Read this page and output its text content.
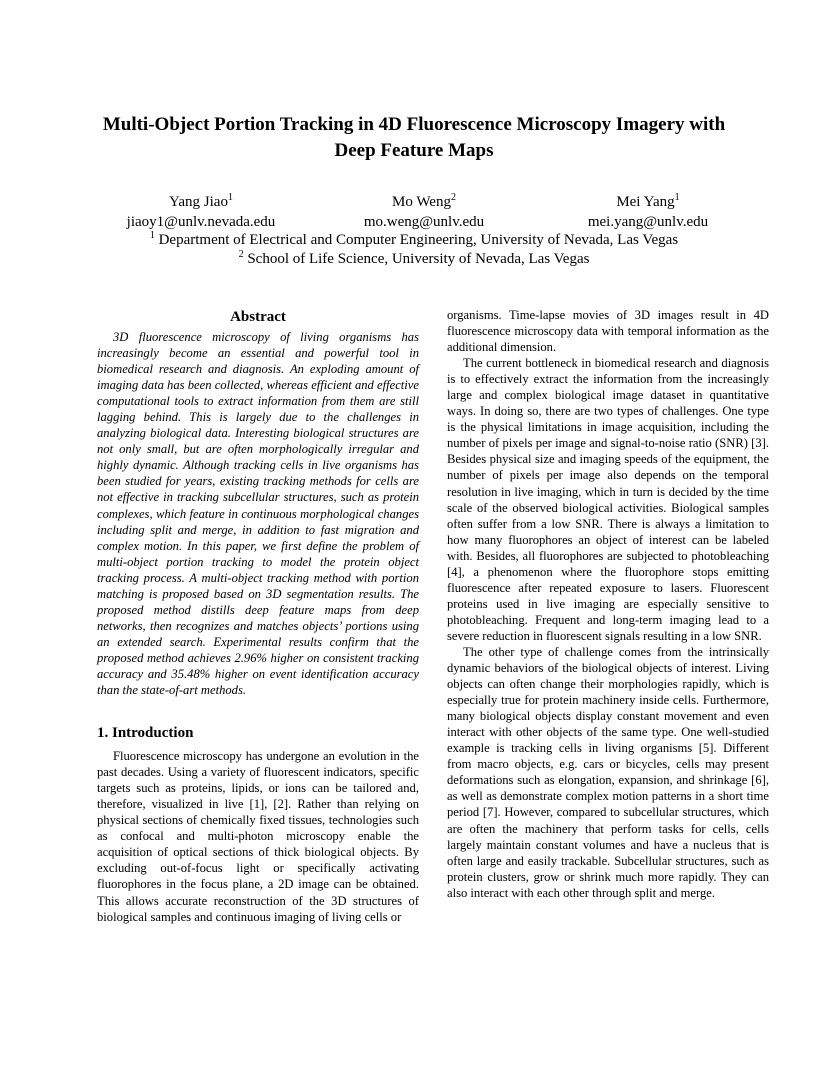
Multi-Object Portion Tracking in 4D Fluorescence Microscopy Imagery with Deep Feature Maps
Yang Jiao$^1$
jiaoy1@unlv.nevada.edu
Mo Weng$^2$
mo.weng@unlv.edu
Mei Yang$^1$
mei.yang@unlv.edu
$^1$ Department of Electrical and Computer Engineering, University of Nevada, Las Vegas
$^2$ School of Life Science, University of Nevada, Las Vegas
Abstract

3D fluorescence microscopy of living organisms has increasingly become an essential and powerful tool in biomedical research and diagnosis. An exploding amount of imaging data has been collected, whereas efficient and effective computational tools to extract information from them are still lagging behind. This is largely due to the challenges in analyzing biological data. Interesting biological structures are not only small, but are often morphologically irregular and highly dynamic. Although tracking cells in live organisms has been studied for years, existing tracking methods for cells are not effective in tracking subcellular structures, such as protein complexes, which feature in continuous morphological changes including split and merge, in addition to fast migration and complex motion. In this paper, we first define the problem of multi-object portion tracking to model the protein object tracking process. A multi-object tracking method with portion matching is proposed based on 3D segmentation results. The proposed method distills deep feature maps from deep networks, then recognizes and matches objects’ portions using an extended search. Experimental results confirm that the proposed method achieves 2.96% higher on consistent tracking accuracy and 35.48% higher on event identification accuracy than the state-of-art methods.

1. Introduction

Fluorescence microscopy has undergone an evolution in the past decades. Using a variety of fluorescent indicators, specific targets such as proteins, lipids, or ions can be tailored and, therefore, visualized in live [1], [2]. Rather than relying on physical sections of chemically fixed tissues, technologies such as confocal and multi-photon microscopy enable the acquisition of optical sections of thick biological objects. By excluding out-of-focus light or specifically activating fluorophores in the focus plane, a 2D image can be obtained. This allows accurate reconstruction of the 3D structures of biological samples and continuous imaging of living cells or

organisms. Time-lapse movies of 3D images result in 4D fluorescence microscopy data with temporal information as the additional dimension.

The current bottleneck in biomedical research and diagnosis is to effectively extract the information from the increasingly large and complex biological image dataset in quantitative ways. In doing so, there are two types of challenges. One type is the physical limitations in image acquisition, including the number of pixels per image and signal-to-noise ratio (SNR) [3]. Besides physical size and imaging speeds of the equipment, the number of pixels per image also depends on the temporal resolution in live imaging, which in turn is decided by the time scale of the observed biological activities. Biological samples often suffer from a low SNR. There is always a limitation to how many fluorophores an object of interest can be labeled with. Besides, all fluorophores are subjected to photobleaching [4], a phenomenon where the fluorophore stops emitting fluorescence after repeated exposure to lasers. Fluorescent proteins used in live imaging are especially sensitive to photobleaching. Frequent and long-term imaging lead to a severe reduction in fluorescent signals resulting in a low SNR.

The other type of challenge comes from the intrinsically dynamic behaviors of the biological objects of interest. Living objects can often change their morphologies rapidly, which is especially true for protein machinery inside cells. Furthermore, many biological objects display constant movement and even interact with other objects of the same type. One well-studied example is tracking cells in living organisms [5]. Different from macro objects, e.g. cars or bicycles, cells may present deformations such as elongation, expansion, and shrinkage [6], as well as demonstrate complex motion patterns in a short time period [7]. However, compared to subcellular structures, which are often the machinery that perform tasks for cells, cells largely maintain constant volumes and have a nucleus that is often large and easily trackable. Subcellular structures, such as protein clusters, grow or shrink much more rapidly. They can also interact with each other through split and merge.
